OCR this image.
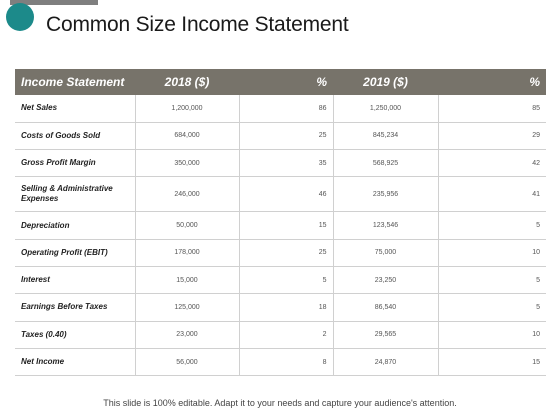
Common Size Income Statement
Income Statement	2018 ($)	%	2019 ($)	%
Net Sales	1,200,000	86	1,250,000	85
Costs of Goods Sold	684,000	25	845,234	29
Gross Profit Margin	350,000	35	568,925	42
Selling & Administrative Expenses	246,000	46	235,956	41
Depreciation	50,000	15	123,546	5
Operating Profit (EBIT)	178,000	25	75,000	10
Interest	15,000	5	23,250	5
Earnings Before Taxes	125,000	18	86,540	5
Taxes (0.40)	23,000	2	29,565	10
Net Income	56,000	8	24,870	15
This slide is 100% editable. Adapt it to your needs and capture your audience's attention.
